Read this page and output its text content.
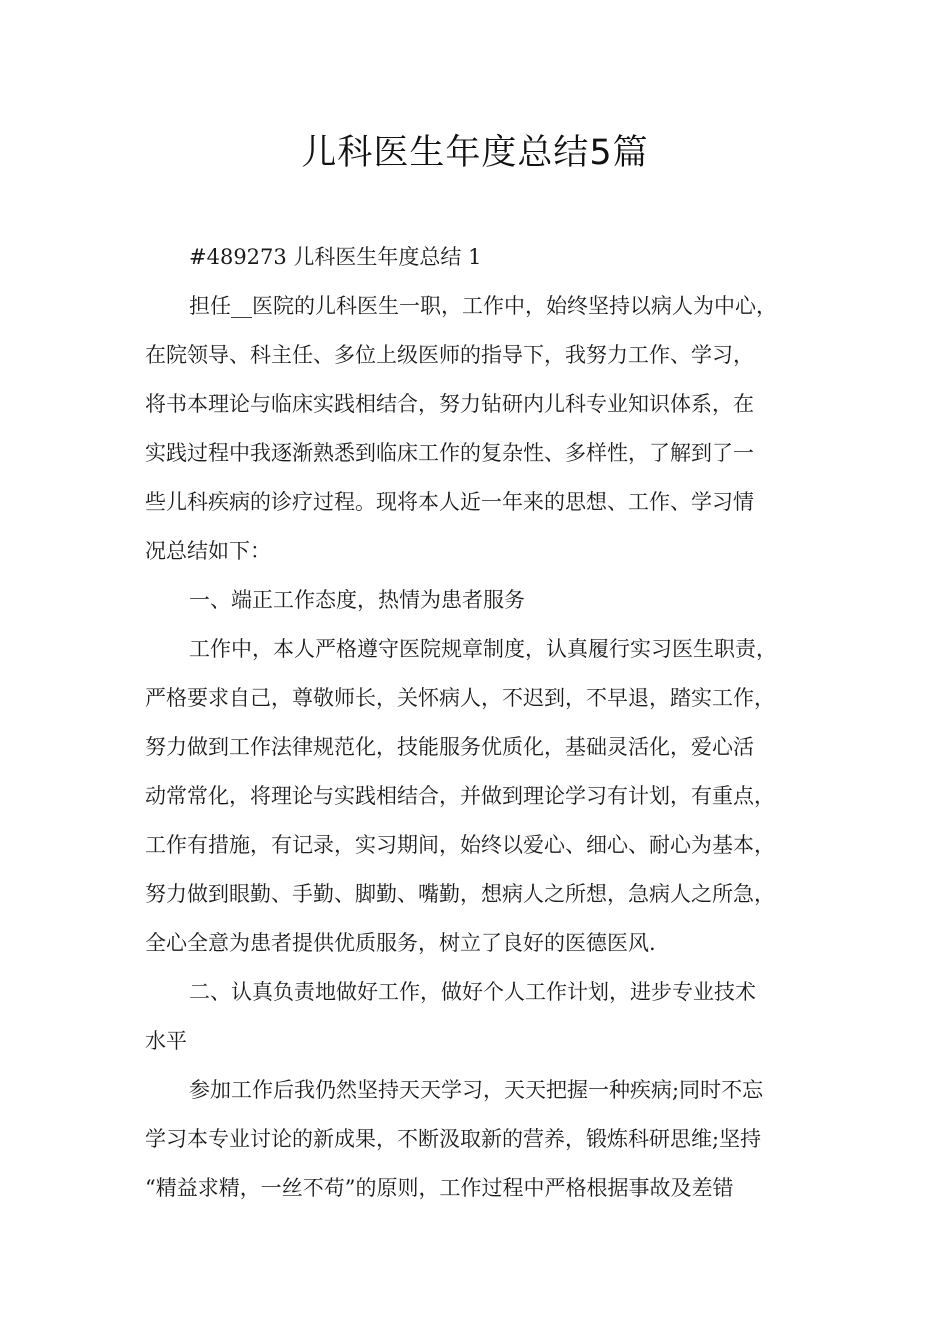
儿科医生年度总结5篇
#489273 儿科医生年度总结 1
担任__医院的儿科医生一职，工作中，始终坚持以病人为中心，
在院领导、科主任、多位上级医师的指导下，我努力工作、学习，
将书本理论与临床实践相结合，努力钻研内儿科专业知识体系，在
实践过程中我逐渐熟悉到临床工作的复杂性、多样性，了解到了一
些儿科疾病的诊疗过程。现将本人近一年来的思想、工作、学习情
况总结如下：
一、端正工作态度，热情为患者服务
工作中，本人严格遵守医院规章制度，认真履行实习医生职责，
严格要求自己，尊敬师长，关怀病人，不迟到，不早退，踏实工作，
努力做到工作法律规范化，技能服务优质化，基础灵活化，爱心活
动常常化，将理论与实践相结合，并做到理论学习有计划，有重点，
工作有措施，有记录，实习期间，始终以爱心、细心、耐心为基本，
努力做到眼勤、手勤、脚勤、嘴勤，想病人之所想，急病人之所急，
全心全意为患者提供优质服务，树立了良好的医德医风.
二、认真负责地做好工作，做好个人工作计划，进步专业技术
水平
参加工作后我仍然坚持天天学习，天天把握一种疾病;同时不忘
学习本专业讨论的新成果，不断汲取新的营养，锻炼科研思维;坚持
“精益求精，一丝不苟”的原则，工作过程中严格根据事故及差错
